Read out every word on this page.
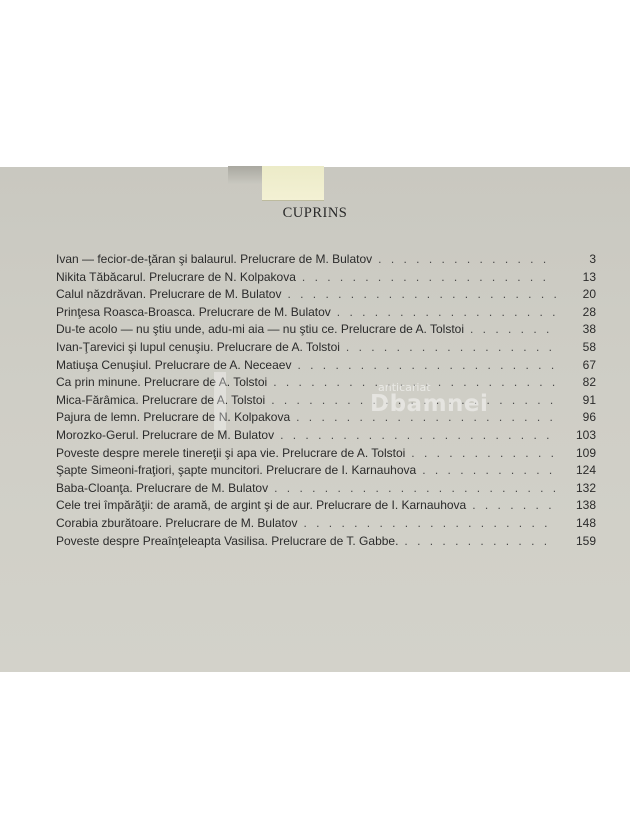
CUPRINS
Ivan — fecior-de-ţăran şi balaurul. Prelucrare de M. Bulatov . . .	3
Nikita Tăbăcarul. Prelucrare de N. Kolpakova . . .	13
Calul năzdrăvan. Prelucrare de M. Bulatov . . .	20
Prinţesa Roasca-Broasca. Prelucrare de M. Bulatov . . .	28
Du-te acolo — nu ştiu unde, adu-mi aia — nu ştiu ce. Prelucrare de A. Tolstoi . . .	38
Ivan-Ţarevici şi lupul cenuşiu. Prelucrare de A. Tolstoi . . .	58
Matiuşa Cenuşiul. Prelucrare de A. Neceaev . . .	67
Ca prin minune. Prelucrare de A. Tolstoi . . .	82
Mica-Fărâmica. Prelucrare de A. Tolstoi . . .	91
Pajura de lemn. Prelucrare de N. Kolpakova . . .	96
Morozko-Gerul. Prelucrare de M. Bulatov . . .	103
Poveste despre merele tinereţii şi apa vie. Prelucrare de A. Tolstoi . . .	109
Şapte Simeoni-fraţiori, şapte muncitori. Prelucrare de I. Karnauhova . . .	124
Baba-Cloanţa. Prelucrare de M. Bulatov . . .	132
Cele trei împărăţii: de aramă, de argint şi de aur. Prelucrare de I. Karnauhova . . .	138
Corabia zburătoare. Prelucrare de M. Bulatov . . .	148
Poveste despre Preaînţeleapta Vasilisa. Prelucrare de T. Gabbe. . . .	159
anticariat
Dbamnei
